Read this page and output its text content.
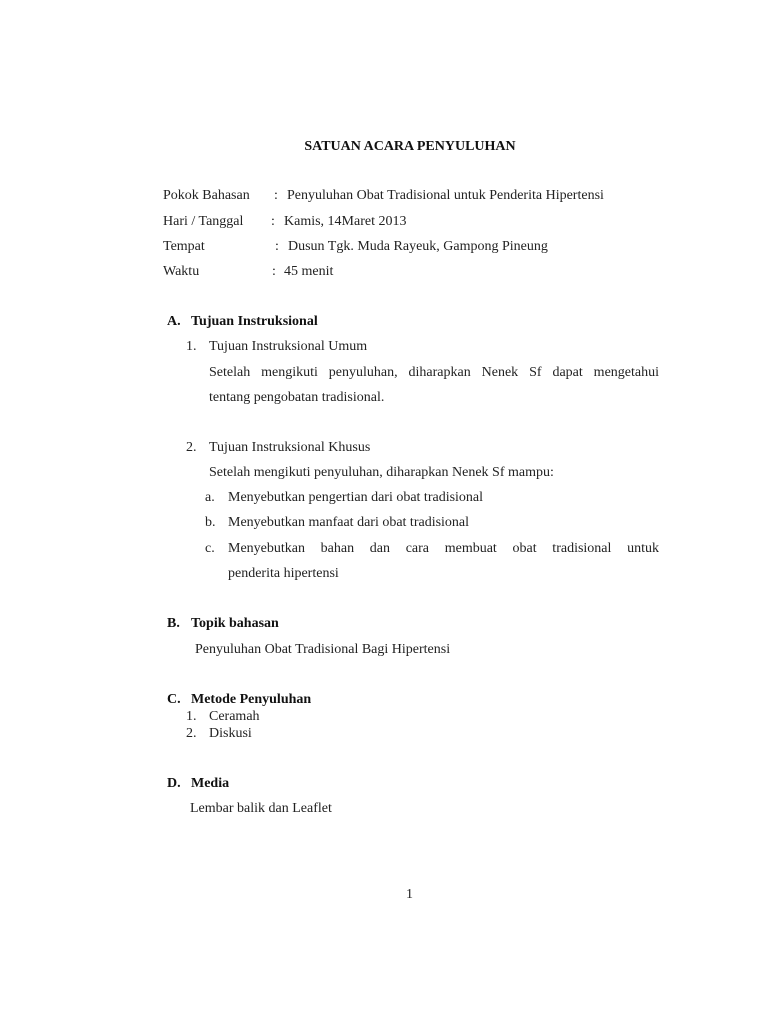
SATUAN ACARA PENYULUHAN
Pokok Bahasan : Penyuluhan Obat Tradisional untuk Penderita Hipertensi
Hari / Tanggal : Kamis, 14Maret 2013
Tempat	: Dusun Tgk. Muda Rayeuk, Gampong Pineung
Waktu	: 45 menit
A. Tujuan Instruksional
1. Tujuan Instruksional Umum
Setelah mengikuti penyuluhan, diharapkan Nenek Sf dapat mengetahui
tentang pengobatan tradisional.
2. Tujuan Instruksional Khusus
Setelah mengikuti penyuluhan, diharapkan Nenek Sf mampu:
a. Menyebutkan pengertian dari obat tradisional
b. Menyebutkan manfaat dari obat tradisional
c. Menyebutkan bahan dan cara membuat obat tradisional untuk
penderita hipertensi
B. Topik bahasan
Penyuluhan Obat Tradisional Bagi Hipertensi
C. Metode Penyuluhan
1. Ceramah
2. Diskusi
D. Media
Lembar balik dan Leaflet
1
